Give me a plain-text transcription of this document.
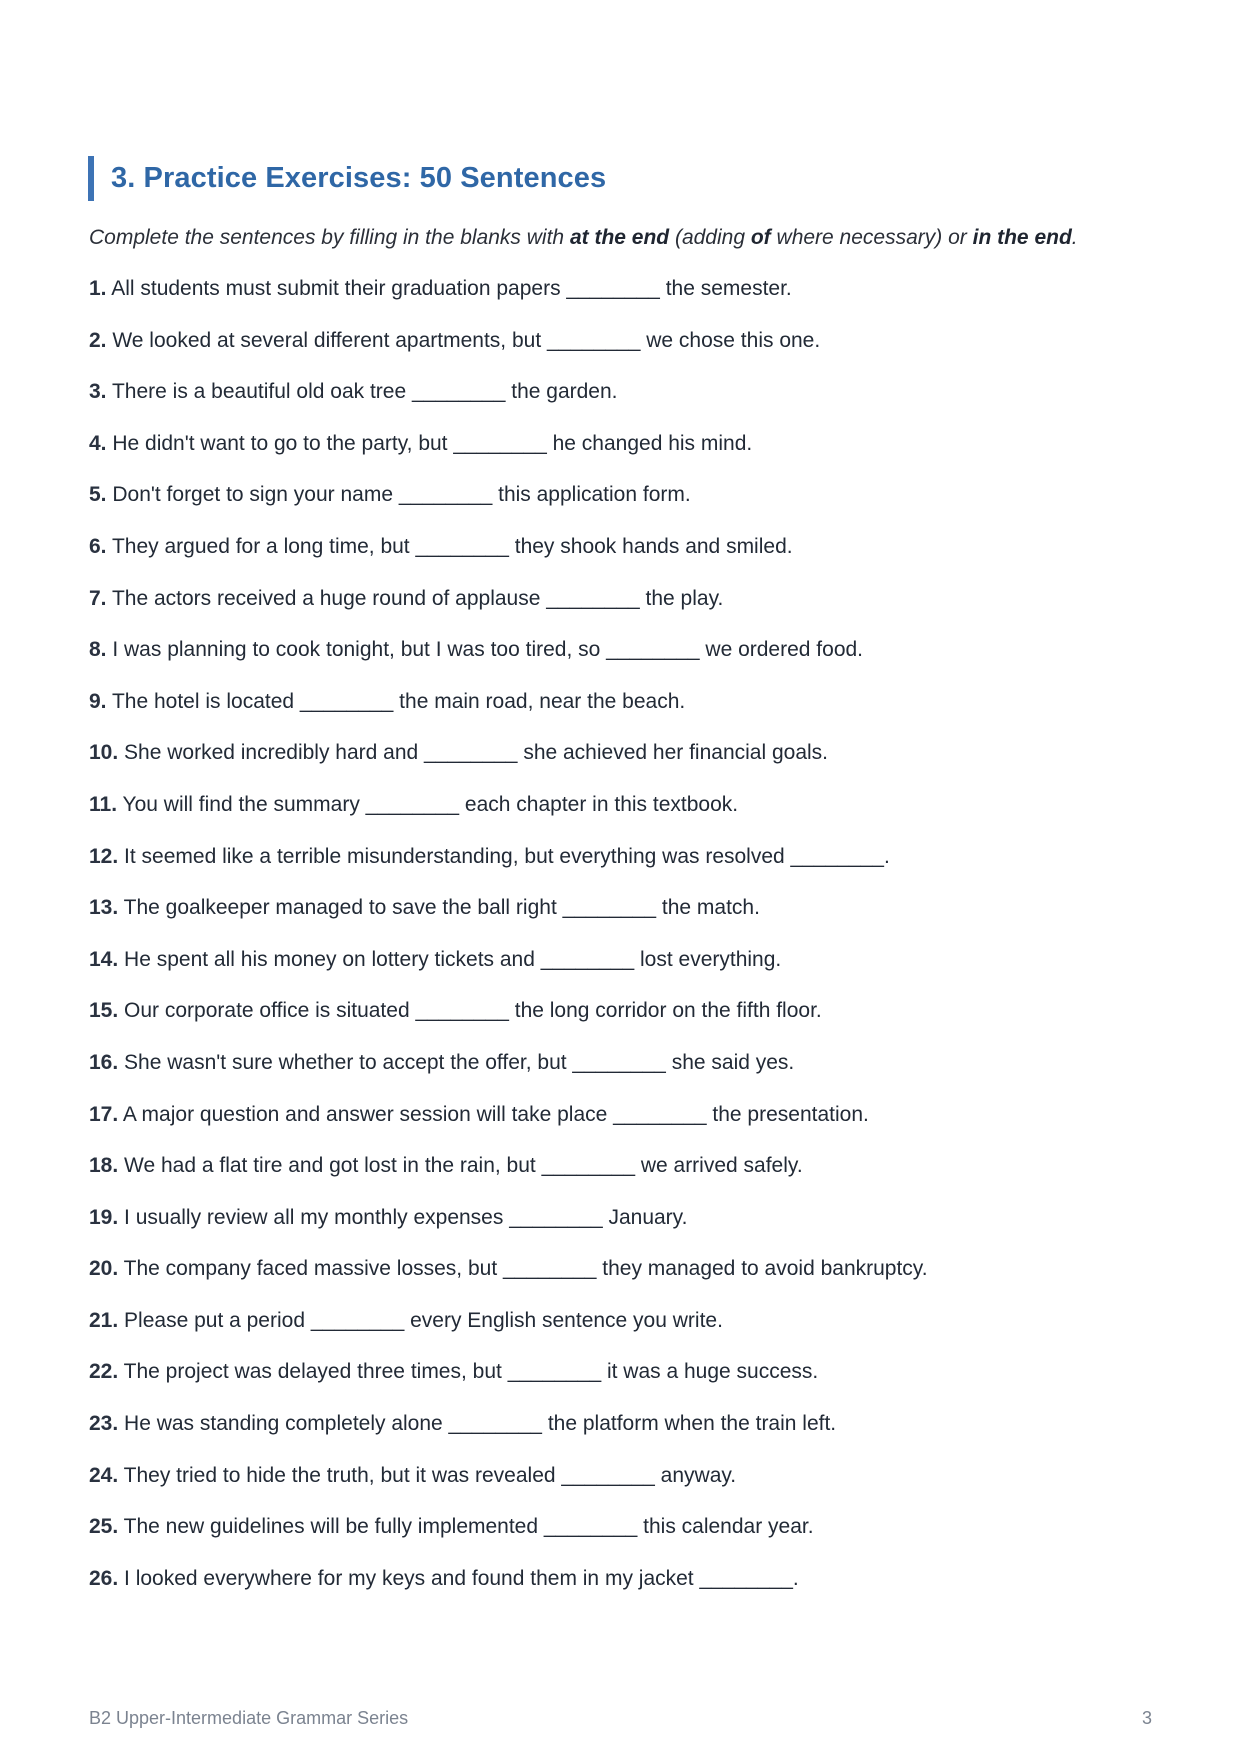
3. Practice Exercises: 50 Sentences

Complete the sentences by filling in the blanks with at the end (adding of where necessary) or in the end.

1. All students must submit their graduation papers ________ the semester.
2. We looked at several different apartments, but ________ we chose this one.
3. There is a beautiful old oak tree ________ the garden.
4. He didn't want to go to the party, but ________ he changed his mind.
5. Don't forget to sign your name ________ this application form.
6. They argued for a long time, but ________ they shook hands and smiled.
7. The actors received a huge round of applause ________ the play.
8. I was planning to cook tonight, but I was too tired, so ________ we ordered food.
9. The hotel is located ________ the main road, near the beach.
10. She worked incredibly hard and ________ she achieved her financial goals.
11. You will find the summary ________ each chapter in this textbook.
12. It seemed like a terrible misunderstanding, but everything was resolved ________.
13. The goalkeeper managed to save the ball right ________ the match.
14. He spent all his money on lottery tickets and ________ lost everything.
15. Our corporate office is situated ________ the long corridor on the fifth floor.
16. She wasn't sure whether to accept the offer, but ________ she said yes.
17. A major question and answer session will take place ________ the presentation.
18. We had a flat tire and got lost in the rain, but ________ we arrived safely.
19. I usually review all my monthly expenses ________ January.
20. The company faced massive losses, but ________ they managed to avoid bankruptcy.
21. Please put a period ________ every English sentence you write.
22. The project was delayed three times, but ________ it was a huge success.
23. He was standing completely alone ________ the platform when the train left.
24. They tried to hide the truth, but it was revealed ________ anyway.
25. The new guidelines will be fully implemented ________ this calendar year.
26. I looked everywhere for my keys and found them in my jacket ________.
B2 Upper-Intermediate Grammar Series	3
